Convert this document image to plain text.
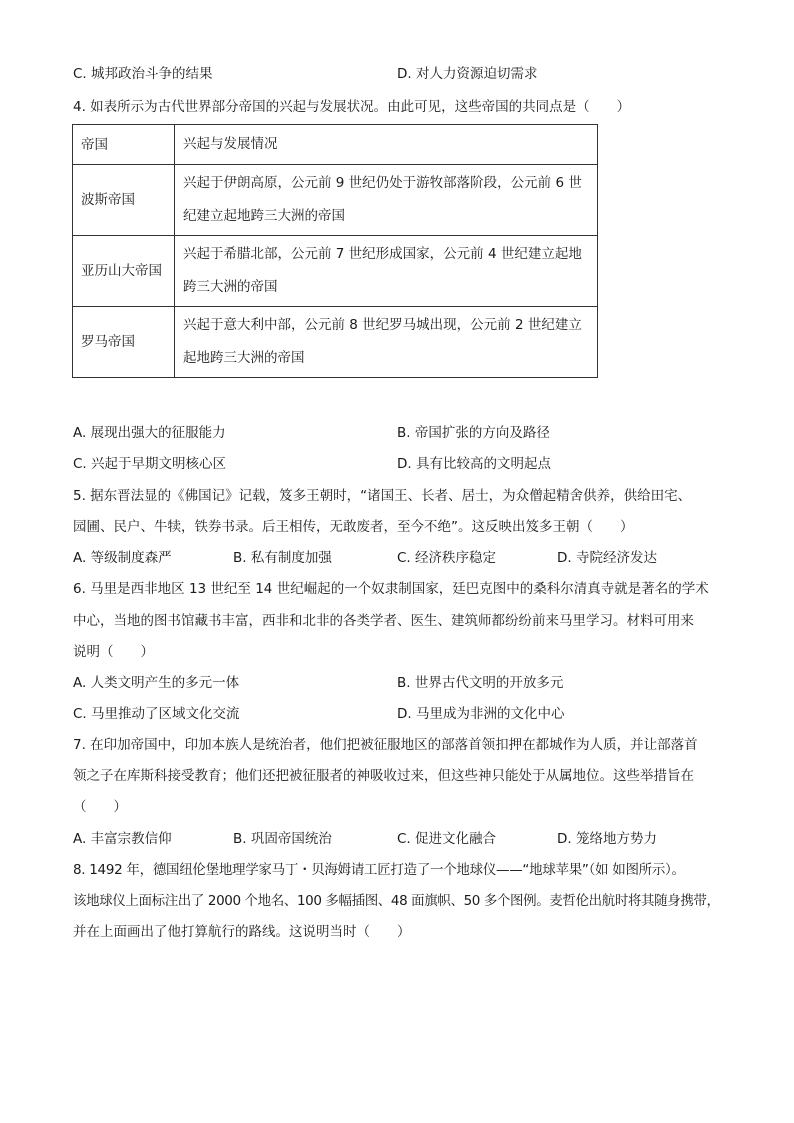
C. 城邦政治斗争的结果	D. 对人力资源迫切需求
4. 如表所示为古代世界部分帝国的兴起与发展状况。由此可见，这些帝国的共同点是（　　）
帝国	兴起与发展情况
波斯帝国	兴起于伊朗高原，公元前 9 世纪仍处于游牧部落阶段，公元前 6 世纪建立起地跨三大洲的帝国
亚历山大帝国	兴起于希腊北部，公元前 7 世纪形成国家，公元前 4 世纪建立起地跨三大洲的帝国
罗马帝国	兴起于意大利中部，公元前 8 世纪罗马城出现，公元前 2 世纪建立起地跨三大洲的帝国
A. 展现出强大的征服能力	B. 帝国扩张的方向及路径
C. 兴起于早期文明核心区	D. 具有比较高的文明起点
5. 据东晋法显的《佛国记》记载，笈多王朝时，“诸国王、长者、居士，为众僧起精舍供养，供给田宅、
园圃、民户、牛犊，铁券书录。后王相传，无敢废者，至今不绝”。这反映出笈多王朝（　　）
A. 等级制度森严	B. 私有制度加强	C. 经济秩序稳定	D. 寺院经济发达
6. 马里是西非地区 13 世纪至 14 世纪崛起的一个奴隶制国家，廷巴克图中的桑科尔清真寺就是著名的学术
中心，当地的图书馆藏书丰富，西非和北非的各类学者、医生、建筑师都纷纷前来马里学习。材料可用来
说明（　　）
A. 人类文明产生的多元一体	B. 世界古代文明的开放多元
C. 马里推动了区域文化交流	D. 马里成为非洲的文化中心
7. 在印加帝国中，印加本族人是统治者，他们把被征服地区的部落首领扣押在都城作为人质，并让部落首
领之子在库斯科接受教育；他们还把被征服者的神吸收过来，但这些神只能处于从属地位。这些举措旨在
（　　）
A. 丰富宗教信仰	B. 巩固帝国统治	C. 促进文化融合	D. 笼络地方势力
8. 1492 年，德国纽伦堡地理学家马丁・贝海姆请工匠打造了一个地球仪——“地球苹果”（如 如图所示）。
该地球仪上面标注出了 2000 个地名、100 多幅插图、48 面旗帜、50 多个图例。麦哲伦出航时将其随身携带，
并在上面画出了他打算航行的路线。这说明当时（　　）
